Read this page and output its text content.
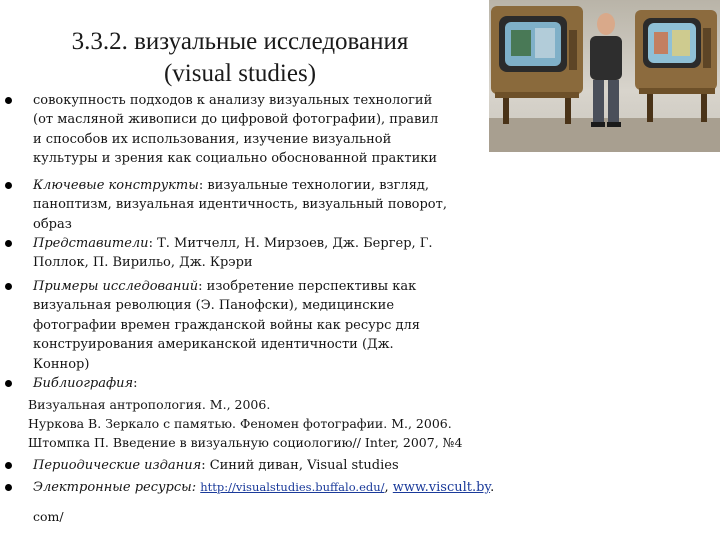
3.3.2. визуальные исследования
(visual studies)
совокупность подходов к анализу визуальных технологий
(от масляной живописи до цифровой фотографии), правил
и способов их использования, изучение визуальной
культуры и зрения как социально обоснованной практики
Ключевые конструкты: визуальные технологии, взгляд,
паноптизм, визуальная идентичность, визуальный поворот,
образ
Представители: Т. Митчелл, Н. Мирзоев, Дж. Бергер, Г.
Поллок, П. Вирильо, Дж. Крэри
Примеры исследований: изобретение перспективы как
визуальная революция (Э. Панофски), медицинские
фотографии времен гражданской войны как ресурс для
конструирования американской идентичности (Дж.
Коннор)
Библиография:
Визуальная антропология. М., 2006.
Нуркова В. Зеркало с памятью. Феномен фотографии. М., 2006.
Штомпка П. Введение в визуальную социологию// Inter, 2007, №4
Периодические издания: Синий диван, Visual studies
Электронные ресурсы: http://visualstudies.buffalo.edu/, www.viscult.by.
com/
